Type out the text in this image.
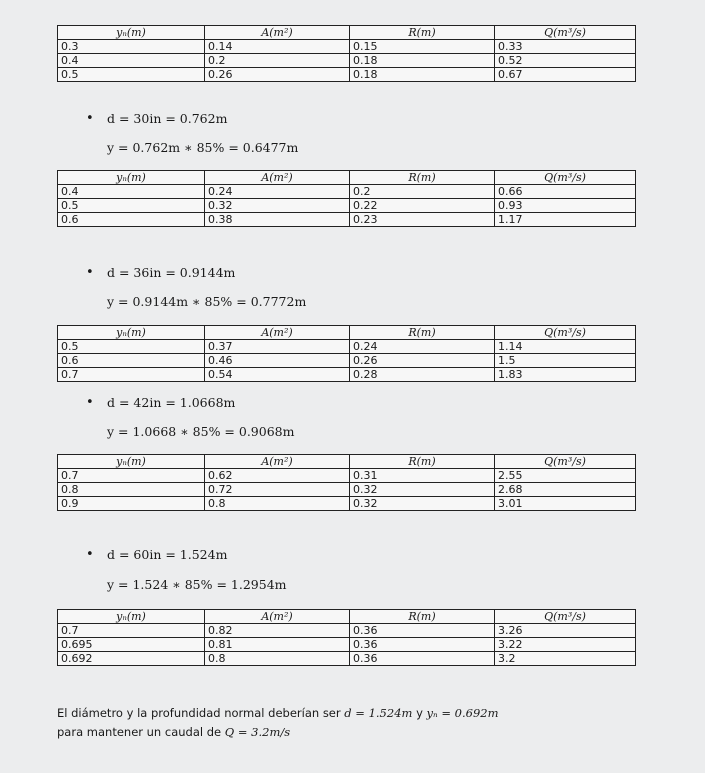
yₙ(m)	A(m²)	R(m)	Q(m³/s)
0.3	0.14	0.15	0.33
0.4	0.2	0.18	0.52
0.5	0.26	0.18	0.67
• d = 30in = 0.762m
y = 0.762m ∗ 85% = 0.6477m
yₙ(m)	A(m²)	R(m)	Q(m³/s)
0.4	0.24	0.2	0.66
0.5	0.32	0.22	0.93
0.6	0.38	0.23	1.17
• d = 36in = 0.9144m
y = 0.9144m ∗ 85% = 0.7772m
yₙ(m)	A(m²)	R(m)	Q(m³/s)
0.5	0.37	0.24	1.14
0.6	0.46	0.26	1.5
0.7	0.54	0.28	1.83
• d = 42in = 1.0668m
y = 1.0668 ∗ 85% = 0.9068m
yₙ(m)	A(m²)	R(m)	Q(m³/s)
0.7	0.62	0.31	2.55
0.8	0.72	0.32	2.68
0.9	0.8	0.32	3.01
• d = 60in = 1.524m
y = 1.524 ∗ 85% = 1.2954m
yₙ(m)	A(m²)	R(m)	Q(m³/s)
0.7	0.82	0.36	3.26
0.695	0.81	0.36	3.22
0.692	0.8	0.36	3.2
El diámetro y la profundidad normal deberían ser d = 1.524m y yₙ = 0.692m
para mantener un caudal de Q = 3.2m/s
